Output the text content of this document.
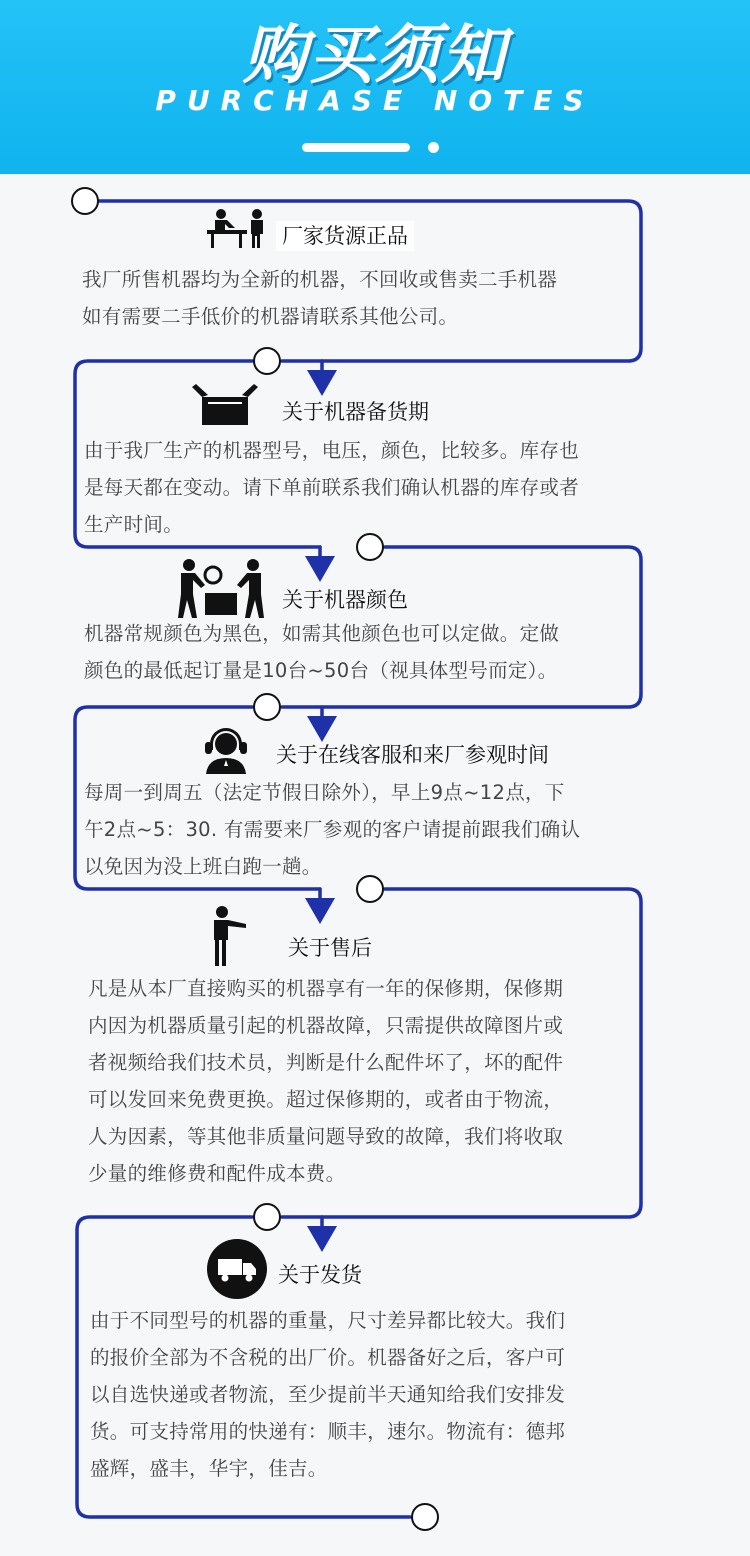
购买须知
PURCHASE NOTES
厂家货源正品
我厂所售机器均为全新的机器，不回收或售卖二手机器
如有需要二手低价的机器请联系其他公司。
关于机器备货期
由于我厂生产的机器型号，电压，颜色，比较多。库存也
是每天都在变动。请下单前联系我们确认机器的库存或者
生产时间。
关于机器颜色
机器常规颜色为黑色，如需其他颜色也可以定做。定做
颜色的最低起订量是10台~50台（视具体型号而定）。
关于在线客服和来厂参观时间
每周一到周五（法定节假日除外），早上9点~12点，下
午2点~5：30. 有需要来厂参观的客户请提前跟我们确认
以免因为没上班白跑一趟。
关于售后
凡是从本厂直接购买的机器享有一年的保修期，保修期
内因为机器质量引起的机器故障，只需提供故障图片或
者视频给我们技术员，判断是什么配件坏了，坏的配件
可以发回来免费更换。超过保修期的，或者由于物流，
人为因素，等其他非质量问题导致的故障，我们将收取
少量的维修费和配件成本费。
关于发货
由于不同型号的机器的重量，尺寸差异都比较大。我们
的报价全部为不含税的出厂价。机器备好之后，客户可
以自选快递或者物流，至少提前半天通知给我们安排发
货。可支持常用的快递有：顺丰，速尔。物流有：德邦
盛辉，盛丰，华宇，佳吉。
